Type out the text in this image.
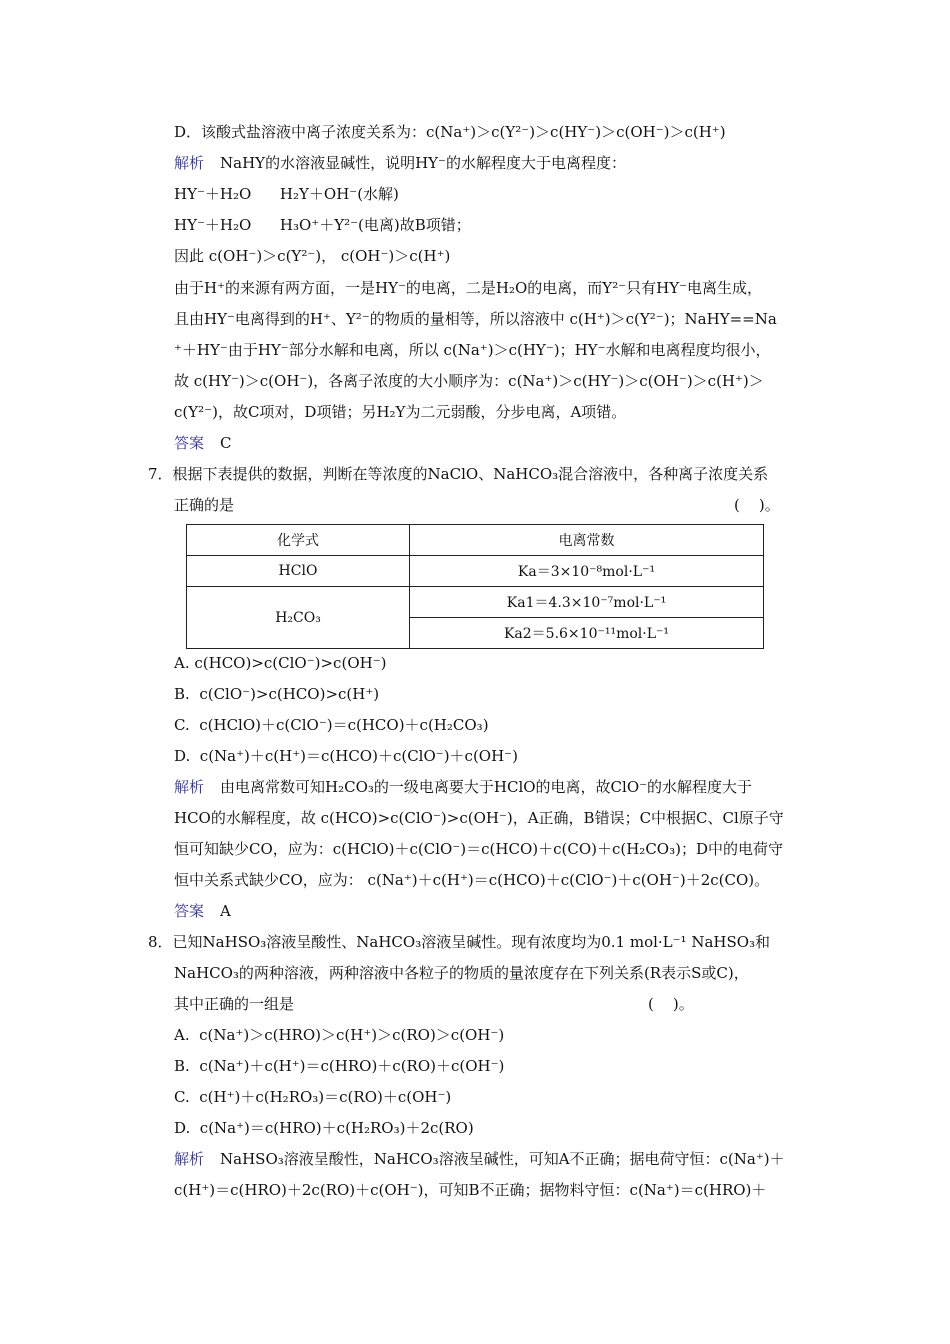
D．该酸式盐溶液中离子浓度关系为：c(Na⁺)＞c(Y²⁻)＞c(HY⁻)＞c(OH⁻)＞c(H⁺)
解析 NaHY的水溶液显碱性，说明HY⁻的水解程度大于电离程度：
HY⁻＋H₂O      H₂Y＋OH⁻(水解)
HY⁻＋H₂O      H₃O⁺＋Y²⁻(电离)故B项错；
因此 c(OH⁻)＞c(Y²⁻)， c(OH⁻)＞c(H⁺)
由于H⁺的来源有两方面，一是HY⁻的电离，二是H₂O的电离，而Y²⁻只有HY⁻电离生成，
且由HY⁻电离得到的H⁺、Y²⁻的物质的量相等，所以溶液中 c(H⁺)＞c(Y²⁻)；NaHY==Na
⁺＋HY⁻由于HY⁻部分水解和电离，所以 c(Na⁺)＞c(HY⁻)；HY⁻水解和电离程度均很小，
故 c(HY⁻)＞c(OH⁻)，各离子浓度的大小顺序为：c(Na⁺)＞c(HY⁻)＞c(OH⁻)＞c(H⁺)＞
c(Y²⁻)，故C项对，D项错；另H₂Y为二元弱酸，分步电离，A项错。
答案 C
7．根据下表提供的数据，判断在等浓度的NaClO、NaHCO₃混合溶液中，各种离子浓度关系
正确的是	(    )。
化学式	电离常数
HClO	Ka＝3×10⁻⁸mol·L⁻¹
H₂CO₃	Ka1＝4.3×10⁻⁷mol·L⁻¹
	Ka2＝5.6×10⁻¹¹mol·L⁻¹
A. c(HCO)>c(ClO⁻)>c(OH⁻)
B.  c(ClO⁻)>c(HCO)>c(H⁺)
C.  c(HClO)＋c(ClO⁻)＝c(HCO)＋c(H₂CO₃)
D.  c(Na⁺)＋c(H⁺)＝c(HCO)＋c(ClO⁻)＋c(OH⁻)
解析 由电离常数可知H₂CO₃的一级电离要大于HClO的电离，故ClO⁻的水解程度大于
HCO的水解程度，故 c(HCO)>c(ClO⁻)>c(OH⁻)，A正确，B错误；C中根据C、Cl原子守
恒可知缺少CO，应为：c(HClO)＋c(ClO⁻)＝c(HCO)＋c(CO)＋c(H₂CO₃)；D中的电荷守
恒中关系式缺少CO，应为： c(Na⁺)＋c(H⁺)＝c(HCO)＋c(ClO⁻)＋c(OH⁻)＋2c(CO)。
答案 A
8．已知NaHSO₃溶液呈酸性、NaHCO₃溶液呈碱性。现有浓度均为0.1 mol·L⁻¹ NaHSO₃和
NaHCO₃的两种溶液，两种溶液中各粒子的物质的量浓度存在下列关系(R表示S或C)，
其中正确的一组是	(    )。
A.  c(Na⁺)＞c(HRO)＞c(H⁺)＞c(RO)＞c(OH⁻)
B.  c(Na⁺)＋c(H⁺)＝c(HRO)＋c(RO)＋c(OH⁻)
C.  c(H⁺)＋c(H₂RO₃)＝c(RO)＋c(OH⁻)
D.  c(Na⁺)＝c(HRO)＋c(H₂RO₃)＋2c(RO)
解析 NaHSO₃溶液呈酸性，NaHCO₃溶液呈碱性，可知A不正确；据电荷守恒：c(Na⁺)＋
c(H⁺)＝c(HRO)＋2c(RO)＋c(OH⁻)，可知B不正确；据物料守恒：c(Na⁺)＝c(HRO)＋
